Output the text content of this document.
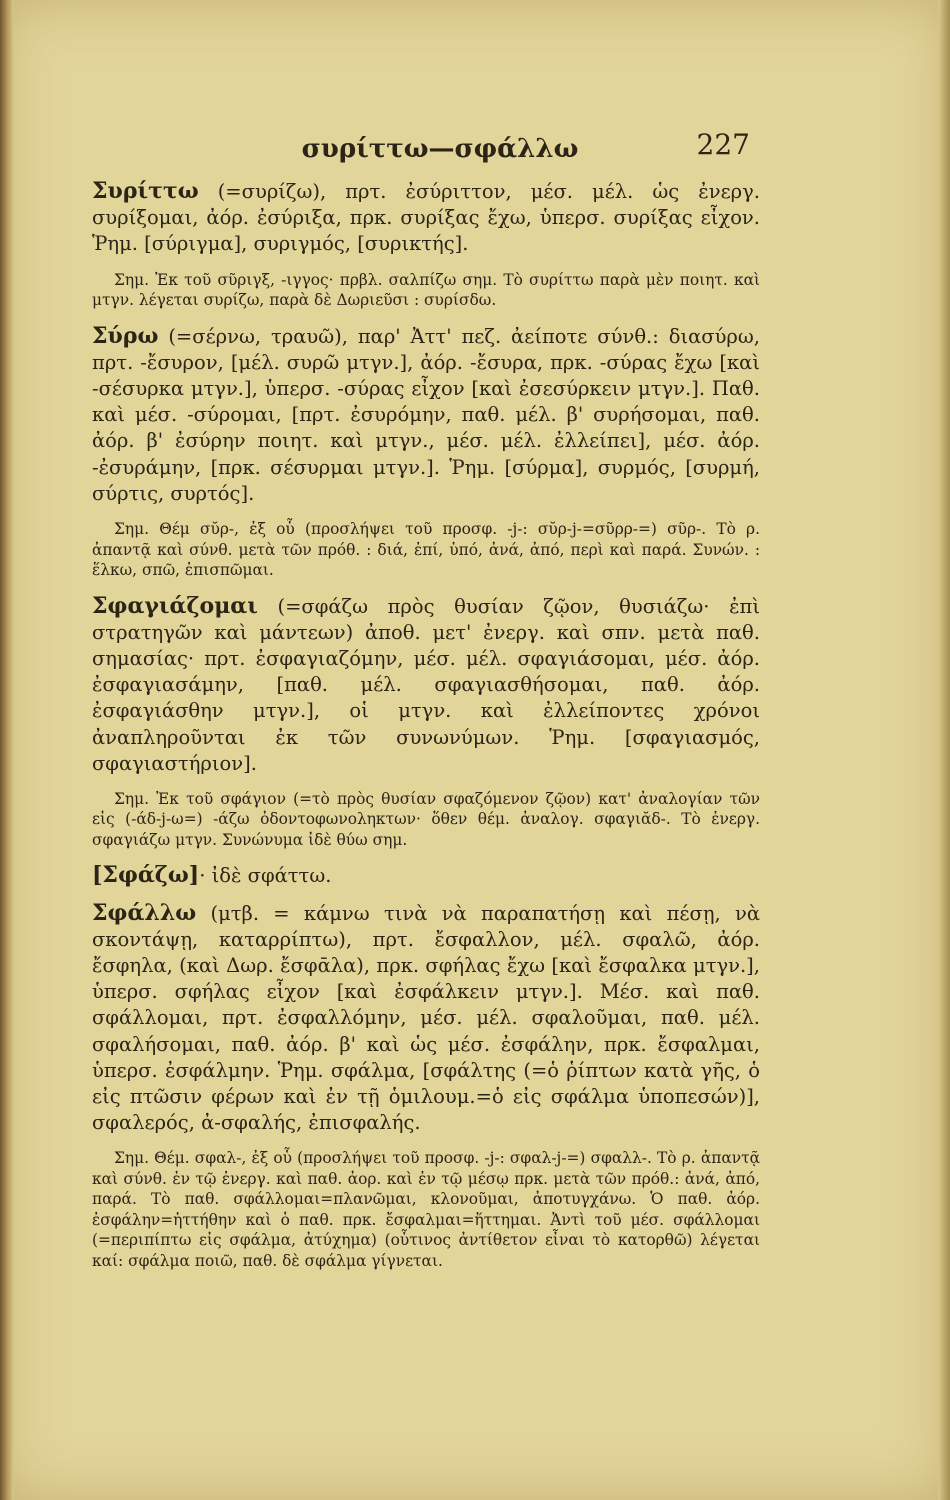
συρίττω—σφάλλω	227

Συρίττω (=συρίζω), πρτ. ἐσύριττον, μέσ. μέλ. ὡς ἐνεργ. συρίξομαι, ἀόρ. ἐσύριξα, πρκ. συρίξας ἔχω, ὑπερσ. συρίξας εἶχον. Ῥημ. [σύριγμα], συριγμός, [συρικτής].

Σημ. Ἐκ τοῦ σῦριγξ, -ιγγος· πρβλ. σαλπίζω σημ. Τὸ συρίττω παρὰ μὲν ποιητ. καὶ μτγν. λέγεται συρίζω, παρὰ δὲ Δωριεῦσι : συρίσδω.

Σύρω (=σέρνω, τραυῶ), παρ' Ἀττ' πεζ. ἀείποτε σύνθ.: διασύρω, πρτ. -ἔσυρον, [μέλ. συρῶ μτγν.], ἀόρ. -ἔσυρα, πρκ. -σύρας ἔχω [καὶ -σέσυρκα μτγν.], ὑπερσ. -σύρας εἶχον [καὶ ἐσεσύρκειν μτγν.]. Παθ. καὶ μέσ. -σύρομαι, [πρτ. ἐσυρόμην, παθ. μέλ. β' συρήσομαι, παθ. ἀόρ. β' ἐσύρην ποιητ. καὶ μτγν., μέσ. μέλ. ἐλλείπει], μέσ. ἀόρ. -ἐσυράμην, [πρκ. σέσυρμαι μτγν.]. Ῥημ. [σύρμα], συρμός, [συρμή, σύρτις, συρτός].

Σημ. Θέμ σῠρ-, ἐξ οὗ (προσλήψει τοῦ προσφ. -j-: σῠρ-j-=σῦρρ-=) σῦρ-. Τὸ ρ. ἀπαντᾷ καὶ σύνθ. μετὰ τῶν πρόθ. : διά, ἐπί, ὑπό, ἀνά, ἀπό, περὶ καὶ παρά. Συνών. : ἕλκω, σπῶ, ἐπισπῶμαι.

Σφαγιάζομαι (=σφάζω πρὸς θυσίαν ζῷον, θυσιάζω· ἐπὶ στρατηγῶν καὶ μάντεων) ἀποθ. μετ' ἐνεργ. καὶ σπν. μετὰ παθ. σημασίας· πρτ. ἐσφαγιαζόμην, μέσ. μέλ. σφαγιάσομαι, μέσ. ἀόρ. ἐσφαγιασάμην, [παθ. μέλ. σφαγιασθήσομαι, παθ. ἀόρ. ἐσφαγιάσθην μτγν.], οἱ μτγν. καὶ ἐλλείποντες χρόνοι ἀναπληροῦνται ἐκ τῶν συνωνύμων. Ῥημ. [σφαγιασμός, σφαγιαστήριον].

Σημ. Ἐκ τοῦ σφάγιον (=τὸ πρὸς θυσίαν σφαζόμενον ζῷον) κατ' ἀναλογίαν τῶν εἰς (-άδ-j-ω=) -άζω ὀδοντοφωνοληκτων· ὅθεν θέμ. ἀναλογ. σφαγιᾰδ-. Τὸ ἐνεργ. σφαγιάζω μτγν. Συνώνυμα ἰδὲ θύω σημ.

[Σφάζω]· ἰδὲ σφάττω.

Σφάλλω (μτβ. = κάμνω τινὰ νὰ παραπατήσῃ καὶ πέσῃ, νὰ σκοντάψῃ, καταρρίπτω), πρτ. ἔσφαλλον, μέλ. σφαλῶ, ἀόρ. ἔσφηλα, (καὶ Δωρ. ἔσφᾱλα), πρκ. σφήλας ἔχω [καὶ ἔσφαλκα μτγν.], ὑπερσ. σφήλας εἶχον [καὶ ἐσφάλκειν μτγν.]. Μέσ. καὶ παθ. σφάλλομαι, πρτ. ἐσφαλλόμην, μέσ. μέλ. σφαλοῦμαι, παθ. μέλ. σφαλήσομαι, παθ. ἀόρ. β' καὶ ὡς μέσ. ἐσφάλην, πρκ. ἔσφαλμαι, ὑπερσ. ἐσφάλμην. Ῥημ. σφάλμα, [σφάλτης (=ὁ ῥίπτων κατὰ γῆς, ὁ εἰς πτῶσιν φέρων καὶ ἐν τῇ ὁμιλουμ.=ὁ εἰς σφάλμα ὑποπεσών)], σφαλερός, ἀ-σφαλής, ἐπισφαλής.

Σημ. Θέμ. σφαλ-, ἐξ οὗ (προσλήψει τοῦ προσφ. -j-: σφαλ-j-=) σφαλλ-. Τὸ ρ. ἀπαντᾷ καὶ σύνθ. ἐν τῷ ἐνεργ. καὶ παθ. ἀορ. καὶ ἐν τῷ μέσῳ πρκ. μετὰ τῶν πρόθ.: ἀνά, ἀπό, παρά. Τὸ παθ. σφάλλομαι=πλανῶμαι, κλονοῦμαι, ἀποτυγχάνω. Ὁ παθ. ἀόρ. ἐσφάλην=ἡττήθην καὶ ὁ παθ. πρκ. ἔσφαλμαι=ἥττημαι. Ἀντὶ τοῦ μέσ. σφάλλομαι (=περιπίπτω εἰς σφάλμα, ἀτύχημα) (οὗτινος ἀντίθετον εἶναι τὸ κατορθῶ) λέγεται καί: σφάλμα ποιῶ, παθ. δὲ σφάλμα γίγνεται.
